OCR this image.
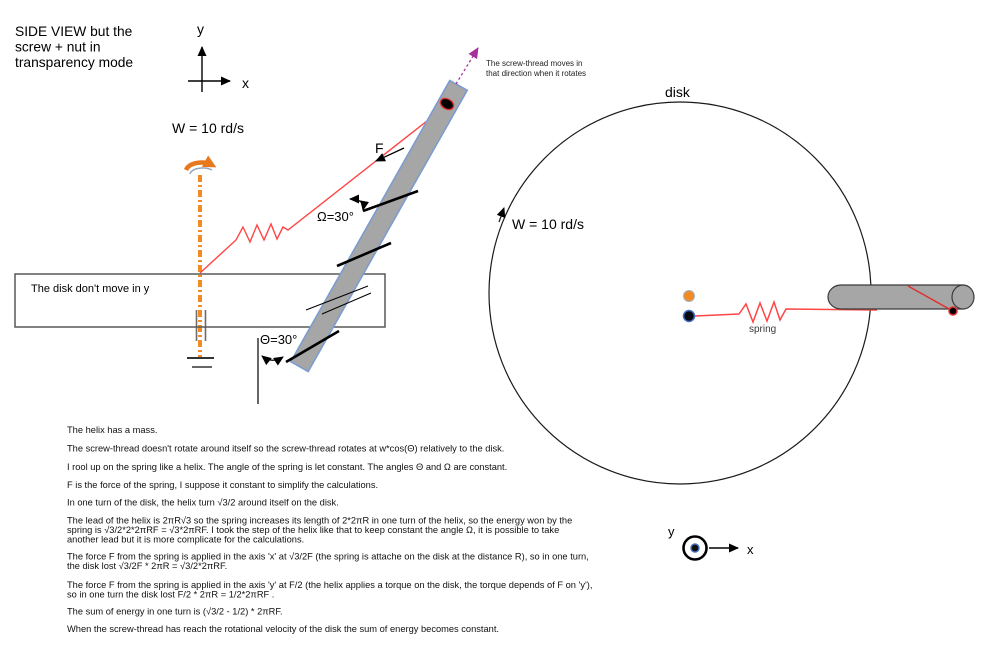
SIDE VIEW but the
screw + nut in
transparency mode
y
x
W = 10 rd/s
The disk don't move in y
The screw-thread moves in
that direction when it rotates
F
Ω=30°
Θ=30°
disk
W = 10 rd/s
spring
y
x
The helix has a mass.
The screw-thread doesn't rotate around itself so the screw-thread rotates at w*cos(Θ) relatively to the disk.
I rool up on the spring like a helix. The angle of the spring is let constant. The angles Θ and Ω are constant.
F is the force of the spring, I suppose it constant to simplify the calculations.
In one turn of the disk, the helix turn √3/2 around itself on the disk.
The lead of the helix is 2πR√3 so the spring increases its length of 2*2πR in one turn of the helix, so the energy won by the
spring is √3/2*2*2πRF = √3*2πRF. I took the step of the helix like that to keep constant the angle Ω, it is possible to take
another lead but it is more complicate for the calculations.
The force F from the spring is applied in the axis 'x' at √3/2F (the spring is attache on the disk at the distance R), so in one turn,
the disk lost √3/2F * 2πR = √3/2*2πRF.
The force F from the spring is applied in the axis 'y' at F/2 (the helix applies a torque on the disk, the torque depends of F on 'y'),
so in one turn the disk lost F/2 * 2πR = 1/2*2πRF .
The sum of energy in one turn is (√3/2 - 1/2) * 2πRF.
When the screw-thread has reach the rotational velocity of the disk the sum of energy becomes constant.
